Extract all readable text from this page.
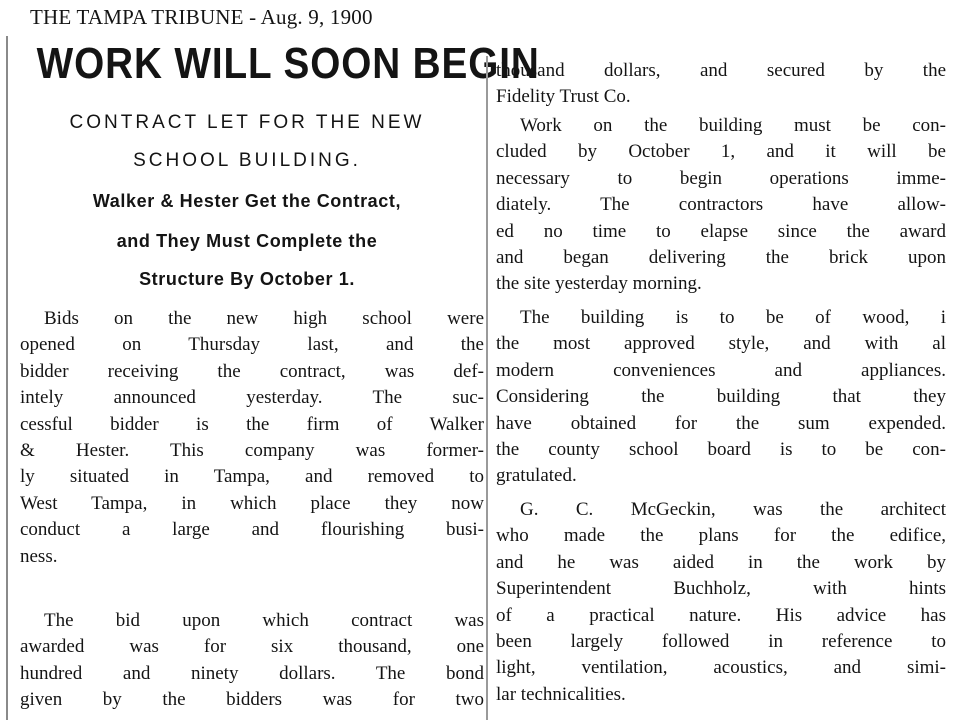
THE TAMPA TRIBUNE - Aug. 9, 1900
WORK WILL SOON BEGIN
CONTRACT LET FOR THE NEW
SCHOOL BUILDING.
Walker & Hester Get the Contract,
and They Must Complete the
Structure By October 1.
Bids on the new high school were
opened on Thursday last, and the
bidder receiving the contract, was def-
intely announced yesterday. The suc-
cessful bidder is the firm of Walker
& Hester. This company was former-
ly situated in Tampa, and removed to
West Tampa, in which place they now
conduct a large and flourishing busi-
ness.
The bid upon which contract was
awarded was for six thousand, one
hundred and ninety dollars. The bond
given by the bidders was for two
thousand dollars, and secured by the
Fidelity Trust Co.
Work on the building must be con-
cluded by October 1, and it will be
necessary to begin operations imme-
diately. The contractors have allow-
ed no time to elapse since the award
and began delivering the brick upon
the site yesterday morning.
The building is to be of wood, i
the most approved style, and with al
modern conveniences and appliances.
Considering the building that they
have obtained for the sum expended.
the county school board is to be con-
gratulated.
G. C. McGeckin, was the architect
who made the plans for the edifice,
and he was aided in the work by
Superintendent Buchholz, with hints
of a practical nature. His advice has
been largely followed in reference to
light, ventilation, acoustics, and simi-
lar technicalities.
